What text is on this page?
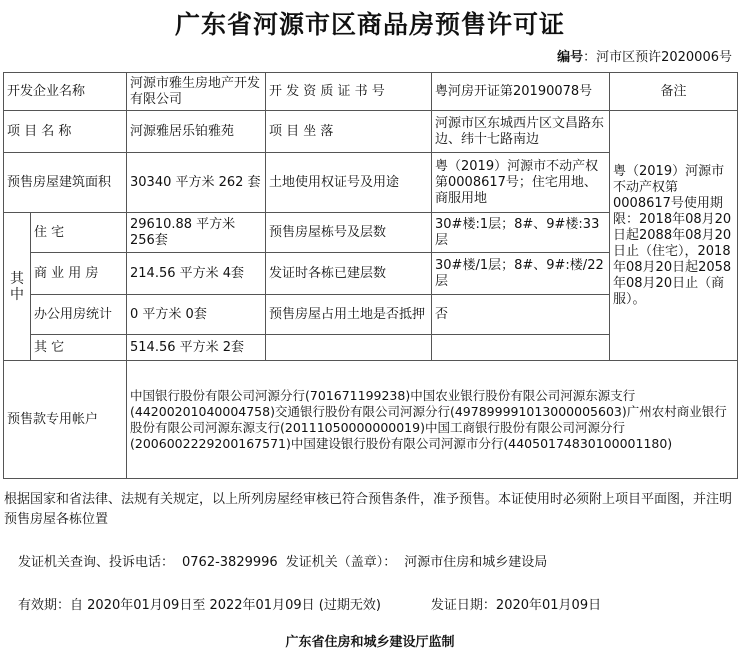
广东省河源市区商品房预售许可证
编号：河市区预许2020006号
开发企业名称		河源市雅生房地产开发有限公司	开 发 资 质 证 书 号	粤河房开证第20190078号	备注
项 目 名 称		河源雅居乐铂雅苑	项 目 坐 落	河源市区东城西片区文昌路东边、纬十七路南边	粤（2019）河源市不动产权第0008617号使用期限：2018年08月20日起2088年08月20日止（住宅），2018年08月20日起2058年08月20日止（商服）。
预售房屋建筑面积		30340 平方米 262 套	土地使用权证号及用途	粤（2019）河源市不动产权第0008617号；住宅用地、商服用地	
其 中	住 宅	29610.88 平方米 256套	预售房屋栋号及层数	30#楼:1层；8#、9#楼:33层	
	商 业 用 房	214.56 平方米 4套	发证时各栋已建层数	30#楼/1层；8#、9#:楼/22层	
	办公用房统计	0 平方米 0套	预售房屋占用土地是否抵押	否	
	其 它	514.56 平方米 2套			
预售款专用帐户		中国银行股份有限公司河源分行(701671199238)中国农业银行股份有限公司河源东源支行(44200201040004758)交通银行股份有限公司河源分行(497899991013000005603)广州农村商业银行股份有限公司河源东源支行(20111050000000019)中国工商银行股份有限公司河源分行(2006002229200167571)中国建设银行股份有限公司河源市分行(44050174830100001180)			
根据国家和省法律、法规有关规定，以上所列房屋经审核已符合预售条件，准予预售。本证使用时必须附上项目平面图，并注明预售房屋各栋位置
发证机关查询、投诉电话： 0762-3829996 发证机关（盖章）： 河源市住房和城乡建设局
有效期：自 2020年01月09日至 2022年01月09日 (过期无效)	发证日期：2020年01月09日
广东省住房和城乡建设厅监制
